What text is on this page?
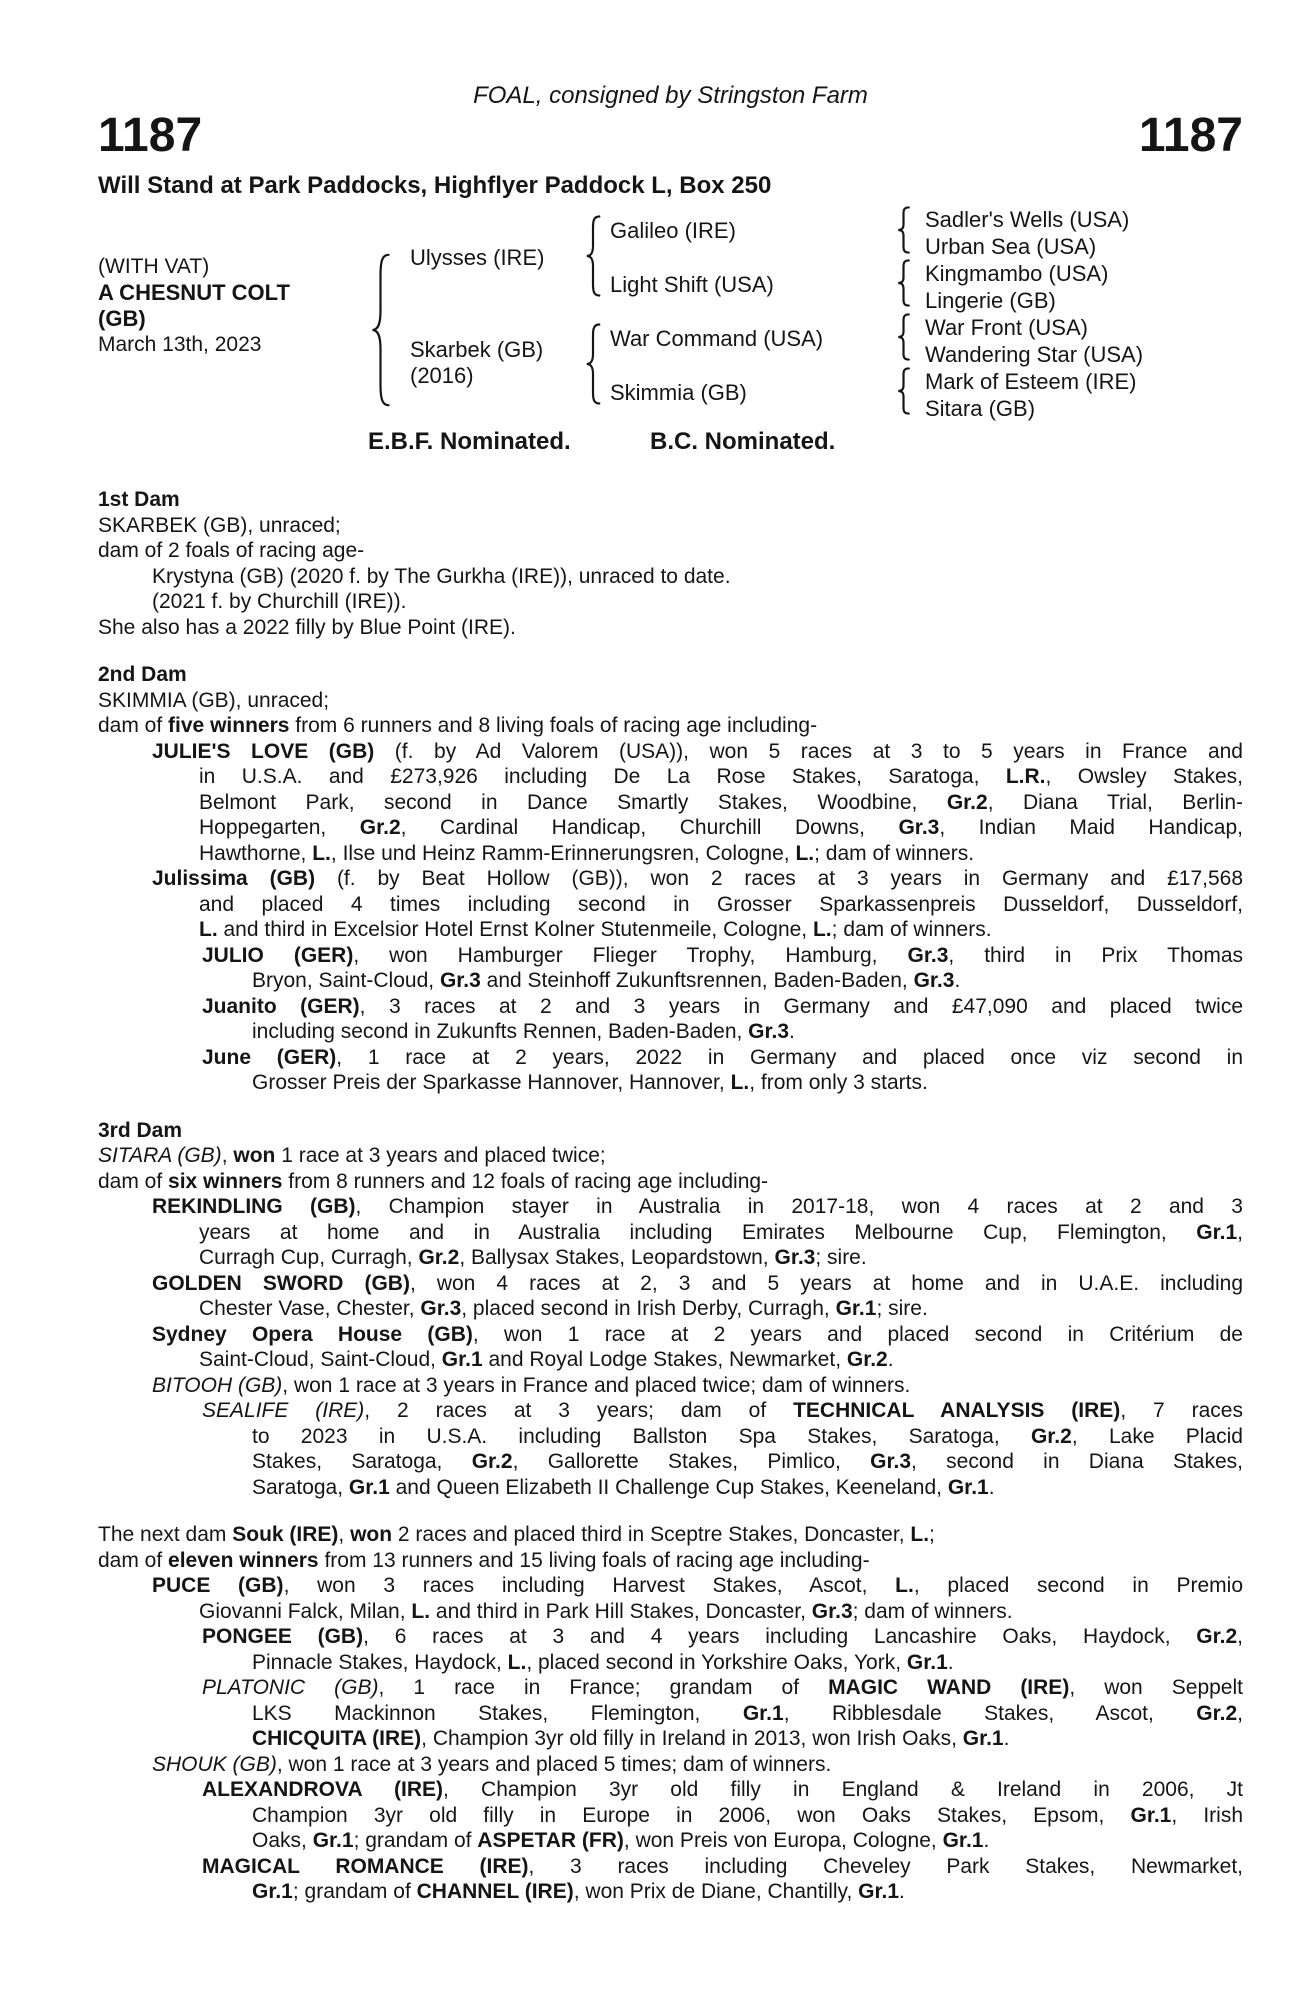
FOAL, consigned by Stringston Farm
1187	1187
Will Stand at Park Paddocks, Highflyer Paddock L, Box 250
(WITH VAT)
A CHESNUT COLT
(GB)
March 13th, 2023
Ulysses (IRE)
Skarbek (GB)
(2016)
Galileo (IRE)
Light Shift (USA)
War Command (USA)
Skimmia (GB)
Sadler's Wells (USA)
Urban Sea (USA)
Kingmambo (USA)
Lingerie (GB)
War Front (USA)
Wandering Star (USA)
Mark of Esteem (IRE)
Sitara (GB)
E.B.F. Nominated.	B.C. Nominated.
1st Dam
SKARBEK (GB), unraced;
dam of 2 foals of racing age-
Krystyna (GB) (2020 f. by The Gurkha (IRE)), unraced to date.
(2021 f. by Churchill (IRE)).
She also has a 2022 filly by Blue Point (IRE).
2nd Dam
SKIMMIA (GB), unraced;
dam of five winners from 6 runners and 8 living foals of racing age including-
JULIE'S LOVE (GB) (f. by Ad Valorem (USA)), won 5 races at 3 to 5 years in France and
in U.S.A. and £273,926 including De La Rose Stakes, Saratoga, L.R., Owsley Stakes,
Belmont Park, second in Dance Smartly Stakes, Woodbine, Gr.2, Diana Trial, Berlin-
Hoppegarten, Gr.2, Cardinal Handicap, Churchill Downs, Gr.3, Indian Maid Handicap,
Hawthorne, L., Ilse und Heinz Ramm-Erinnerungsren, Cologne, L.; dam of winners.
Julissima (GB) (f. by Beat Hollow (GB)), won 2 races at 3 years in Germany and £17,568
and placed 4 times including second in Grosser Sparkassenpreis Dusseldorf, Dusseldorf,
L. and third in Excelsior Hotel Ernst Kolner Stutenmeile, Cologne, L.; dam of winners.
JULIO (GER), won Hamburger Flieger Trophy, Hamburg, Gr.3, third in Prix Thomas
Bryon, Saint-Cloud, Gr.3 and Steinhoff Zukunftsrennen, Baden-Baden, Gr.3.
Juanito (GER), 3 races at 2 and 3 years in Germany and £47,090 and placed twice
including second in Zukunfts Rennen, Baden-Baden, Gr.3.
June (GER), 1 race at 2 years, 2022 in Germany and placed once viz second in
Grosser Preis der Sparkasse Hannover, Hannover, L., from only 3 starts.
3rd Dam
SITARA (GB), won 1 race at 3 years and placed twice;
dam of six winners from 8 runners and 12 foals of racing age including-
REKINDLING (GB), Champion stayer in Australia in 2017-18, won 4 races at 2 and 3
years at home and in Australia including Emirates Melbourne Cup, Flemington, Gr.1,
Curragh Cup, Curragh, Gr.2, Ballysax Stakes, Leopardstown, Gr.3; sire.
GOLDEN SWORD (GB), won 4 races at 2, 3 and 5 years at home and in U.A.E. including
Chester Vase, Chester, Gr.3, placed second in Irish Derby, Curragh, Gr.1; sire.
Sydney Opera House (GB), won 1 race at 2 years and placed second in Critérium de
Saint-Cloud, Saint-Cloud, Gr.1 and Royal Lodge Stakes, Newmarket, Gr.2.
BITOOH (GB), won 1 race at 3 years in France and placed twice; dam of winners.
SEALIFE (IRE), 2 races at 3 years; dam of TECHNICAL ANALYSIS (IRE), 7 races
to 2023 in U.S.A. including Ballston Spa Stakes, Saratoga, Gr.2, Lake Placid
Stakes, Saratoga, Gr.2, Gallorette Stakes, Pimlico, Gr.3, second in Diana Stakes,
Saratoga, Gr.1 and Queen Elizabeth II Challenge Cup Stakes, Keeneland, Gr.1.
The next dam Souk (IRE), won 2 races and placed third in Sceptre Stakes, Doncaster, L.;
dam of eleven winners from 13 runners and 15 living foals of racing age including-
PUCE (GB), won 3 races including Harvest Stakes, Ascot, L., placed second in Premio
Giovanni Falck, Milan, L. and third in Park Hill Stakes, Doncaster, Gr.3; dam of winners.
PONGEE (GB), 6 races at 3 and 4 years including Lancashire Oaks, Haydock, Gr.2,
Pinnacle Stakes, Haydock, L., placed second in Yorkshire Oaks, York, Gr.1.
PLATONIC (GB), 1 race in France; grandam of MAGIC WAND (IRE), won Seppelt
LKS Mackinnon Stakes, Flemington, Gr.1, Ribblesdale Stakes, Ascot, Gr.2,
CHICQUITA (IRE), Champion 3yr old filly in Ireland in 2013, won Irish Oaks, Gr.1.
SHOUK (GB), won 1 race at 3 years and placed 5 times; dam of winners.
ALEXANDROVA (IRE), Champion 3yr old filly in England & Ireland in 2006, Jt
Champion 3yr old filly in Europe in 2006, won Oaks Stakes, Epsom, Gr.1, Irish
Oaks, Gr.1; grandam of ASPETAR (FR), won Preis von Europa, Cologne, Gr.1.
MAGICAL ROMANCE (IRE), 3 races including Cheveley Park Stakes, Newmarket,
Gr.1; grandam of CHANNEL (IRE), won Prix de Diane, Chantilly, Gr.1.
